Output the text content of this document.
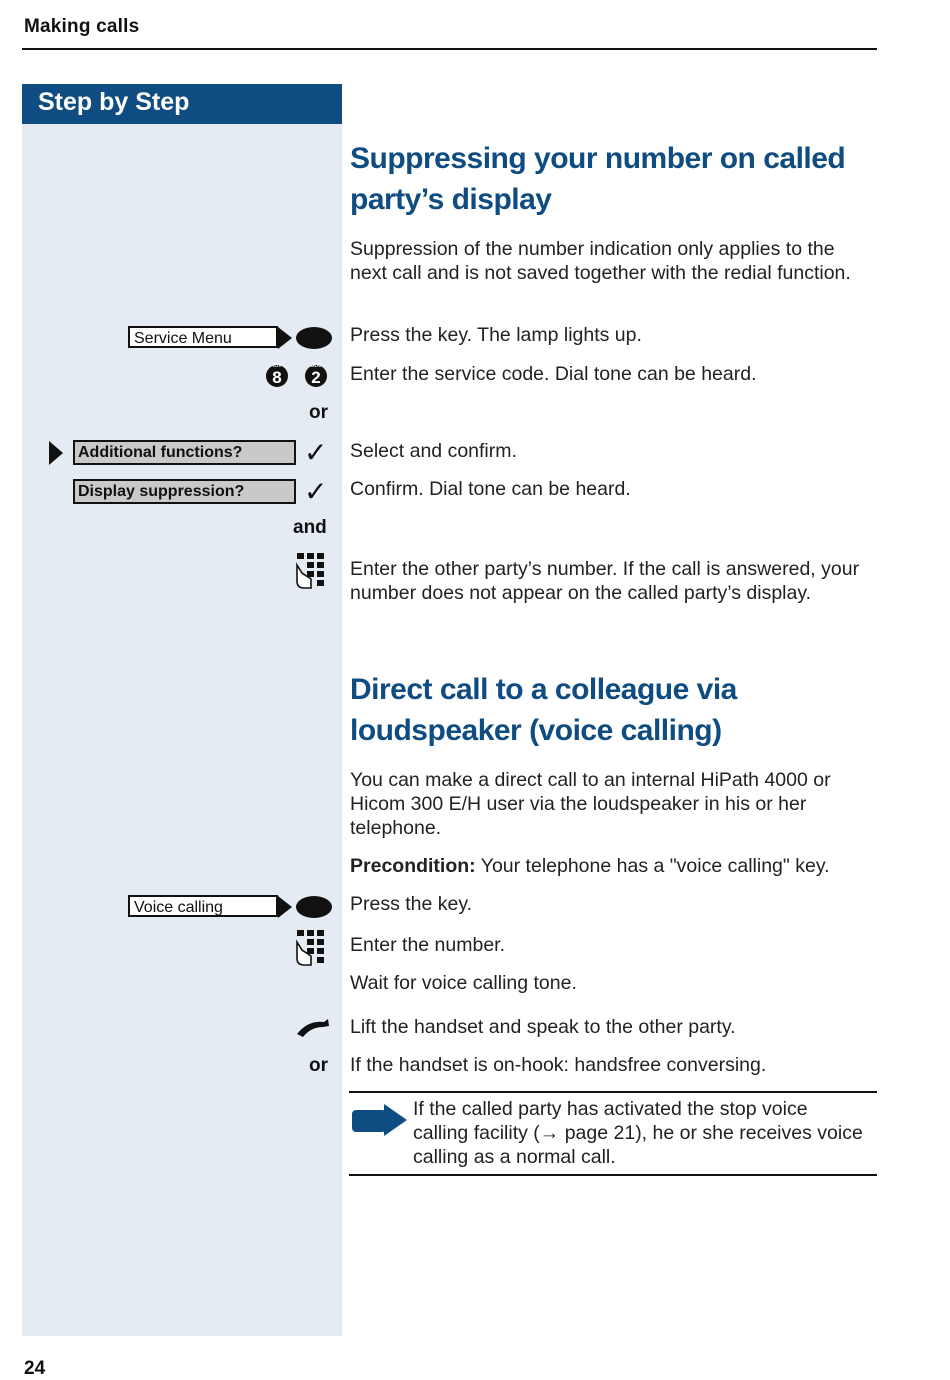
Making calls
Step by Step
Suppressing your number on called
party’s display
Suppression of the number indication only applies to the next call and is not saved together with the redial function.
Service Menu	Press the key. The lamp lights up.
tuv
8
abc
2	Enter the service code. Dial tone can be heard.
or
Additional functions?	✓ Select and confirm.
Display suppression?	✓ Confirm. Dial tone can be heard.
and
Enter the other party’s number. If the call is answered, your number does not appear on the called party’s display.
Direct call to a colleague via
loudspeaker (voice calling)
You can make a direct call to an internal HiPath 4000 or Hicom 300 E/H user via the loudspeaker in his or her telephone.
Precondition: Your telephone has a "voice calling" key.
Voice calling	Press the key.
Enter the number.
Wait for voice calling tone.
Lift the handset and speak to the other party.
or If the handset is on-hook: handsfree conversing.
If the called party has activated the stop voice calling facility (→ page 21), he or she receives voice calling as a normal call.
24
